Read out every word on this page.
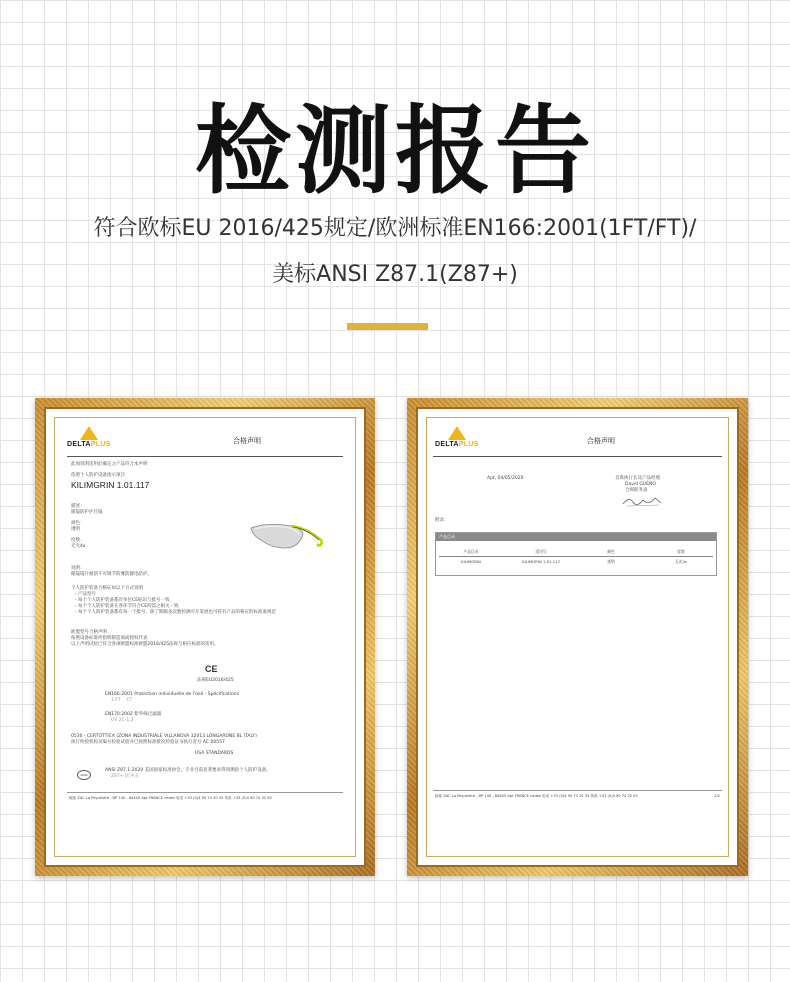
检测报告
符合欧标EU 2016/425规定/欧洲标准EN166:2001(1FT/FT)/
美标ANSI Z87.1(Z87+)
DELTAPLUS	合格声明
此项说明适用於确定之产品符合本声明
依照个人防护设备指示项目
KILIMGRIN 1.01.117
描述：
眼镜防护护目镜
颜色：
透明
度数：
无光4x
说明：
眼镜镜片耐刮不可调节防雾防静电防护。
个人防护装备合格证如以下方式说明
- 产品型号
- 每个个人防护装备都有单位CE标识与批号一致
- 每个个人防护装备在各环节符合CE所需之相关一致
- 每个个人防护装备都有每一个批号，除了期限多次数检测可开发展也可持有产品的相应的标准准规范
欧盟型号合格声明
按照设备标准所指明制造商或授权代表
以上声明试验已符合各项欧盟标准欧盟2016/425法规与相应标准的适用。
CE
法规EU2016/425
EN166:2001 Protection individuelle de l'oeil - Spécifications
1 FT FT
EN170:2002 紫外线过滤器
UV 2C-1,2
0530 - CERTOTTICA (ZONA INDUSTRIALE VILLANOVA 32013 LONGARONE BL ITALY)
执行检验机构及编号检验试验并已按照标准批次检验证书执行者号 AC 00557
USA STANDARDS
ANSI
ANSI Z87.1-2020 美国国家标准协会，专业目前显著要求得到测验个人防护设备。
Z87+ 防冲击
地址 ZAC La Peyrolière - BP 140 - 84405 Apt FRANCE cedex 电话 +33 (0)4 90 74 20 33 传真 +33 (0)4 90 74 32 50
DELTAPLUS	合格声明
Apt, 04/05/2020	首席执行长及产品经理
David GUENO
合规职务表
附录：
产品目录
产品目录	适用号	颜色	度数
KILIMGRIN	KILIMGRIN 1.01.117	透明	无光4x
地址 ZAC La Peyrolière - BP 140 - 84405 Apt FRANCE cedex 电话 +33 (0)4 90 74 20 33 传真 +33 (0)4 90 74 32 50	2/2
